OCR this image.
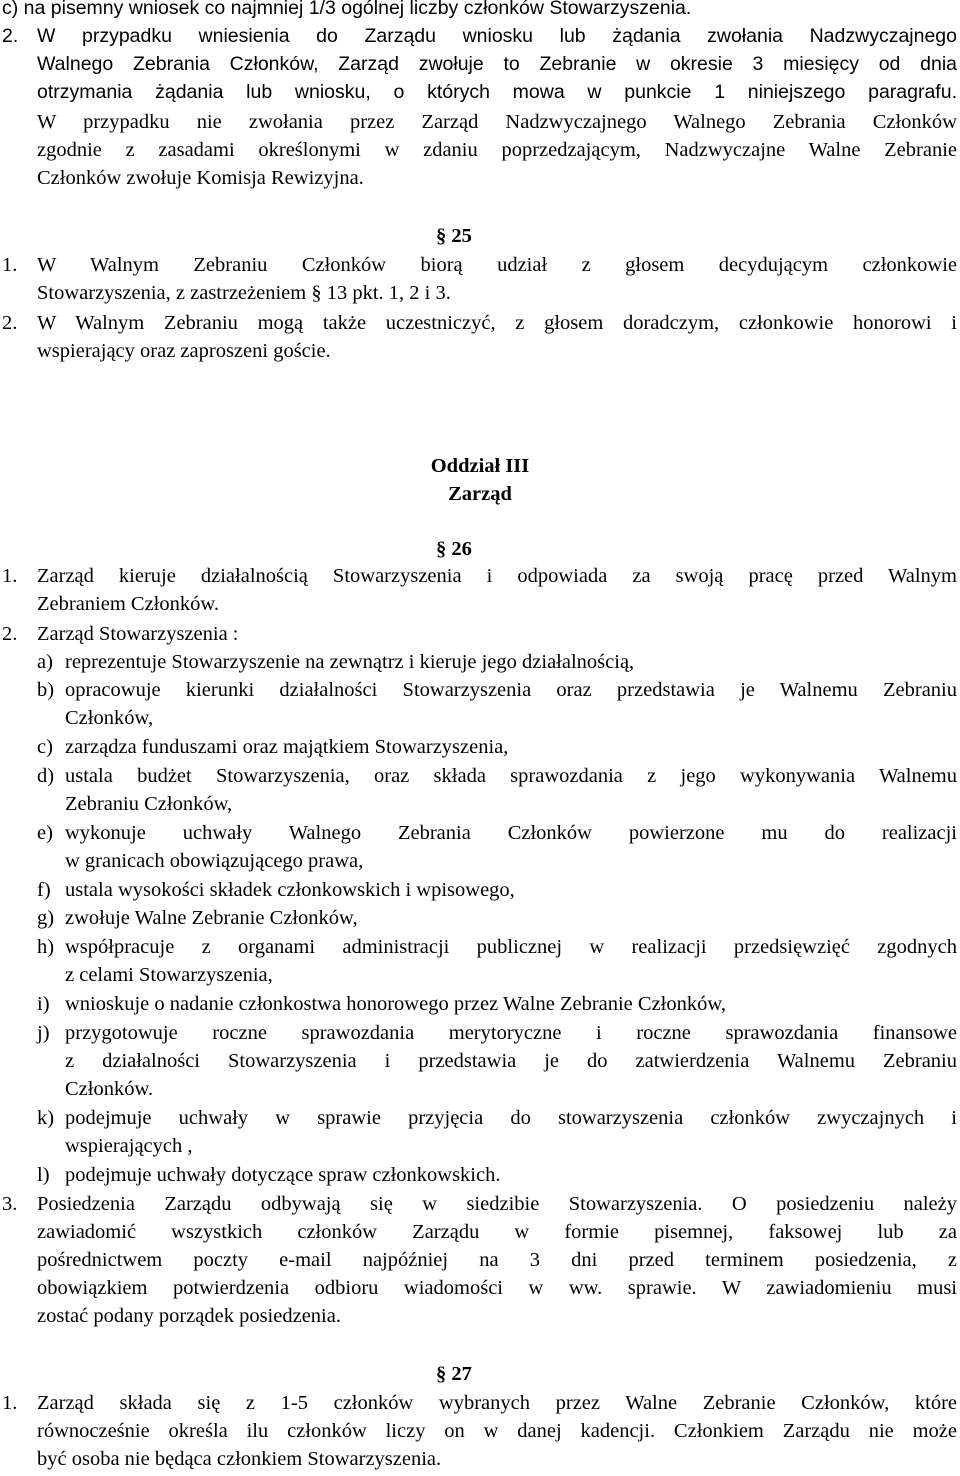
c) na pisemny wniosek co najmniej 1/3 ogólnej liczby członków Stowarzyszenia.
2. W przypadku wniesienia do Zarządu wniosku lub żądania zwołania Nadzwyczajnego
Walnego Zebrania Członków, Zarząd zwołuje to Zebranie w okresie 3 miesięcy od dnia
otrzymania żądania lub wniosku, o których mowa w punkcie 1 niniejszego paragrafu.
W przypadku nie zwołania przez Zarząd Nadzwyczajnego Walnego Zebrania Członków
zgodnie z zasadami określonymi w zdaniu poprzedzającym, Nadzwyczajne Walne Zebranie
Członków zwołuje Komisja Rewizyjna.
§ 25
1. W Walnym Zebraniu Członków biorą udział z głosem decydującym członkowie
Stowarzyszenia, z zastrzeżeniem § 13 pkt. 1, 2 i 3.
2. W Walnym Zebraniu mogą także uczestniczyć, z głosem doradczym, członkowie honorowi i
wspierający oraz zaproszeni goście.
Oddział III
Zarząd
§ 26
1. Zarząd kieruje działalnością Stowarzyszenia i odpowiada za swoją pracę przed Walnym
Zebraniem Członków.
2. Zarząd Stowarzyszenia :
a) reprezentuje Stowarzyszenie na zewnątrz i kieruje jego działalnością,
b) opracowuje kierunki działalności Stowarzyszenia oraz przedstawia je Walnemu Zebraniu
Członków,
c) zarządza funduszami oraz majątkiem Stowarzyszenia,
d) ustala budżet Stowarzyszenia, oraz składa sprawozdania z jego wykonywania Walnemu
Zebraniu Członków,
e) wykonuje uchwały Walnego Zebrania Członków powierzone mu do realizacji
w granicach obowiązującego prawa,
f) ustala wysokości składek członkowskich i wpisowego,
g) zwołuje Walne Zebranie Członków,
h) współpracuje z organami administracji publicznej w realizacji przedsięwzięć zgodnych
z celami Stowarzyszenia,
i) wnioskuje o nadanie członkostwa honorowego przez Walne Zebranie Członków,
j) przygotowuje roczne sprawozdania merytoryczne i roczne sprawozdania finansowe
z działalności Stowarzyszenia i przedstawia je do zatwierdzenia Walnemu Zebraniu
Członków.
k) podejmuje uchwały w sprawie przyjęcia do stowarzyszenia członków zwyczajnych i
wspierających ,
l) podejmuje uchwały dotyczące spraw członkowskich.
3. Posiedzenia Zarządu odbywają się w siedzibie Stowarzyszenia. O posiedzeniu należy
zawiadomić wszystkich członków Zarządu w formie pisemnej, faksowej lub za
pośrednictwem poczty e-mail najpóźniej na 3 dni przed terminem posiedzenia, z
obowiązkiem potwierdzenia odbioru wiadomości w ww. sprawie. W zawiadomieniu musi
zostać podany porządek posiedzenia.
§ 27
1. Zarząd składa się z 1-5 członków wybranych przez Walne Zebranie Członków, które
równocześnie określa ilu członków liczy on w danej kadencji. Członkiem Zarządu nie może
być osoba nie będąca członkiem Stowarzyszenia.
